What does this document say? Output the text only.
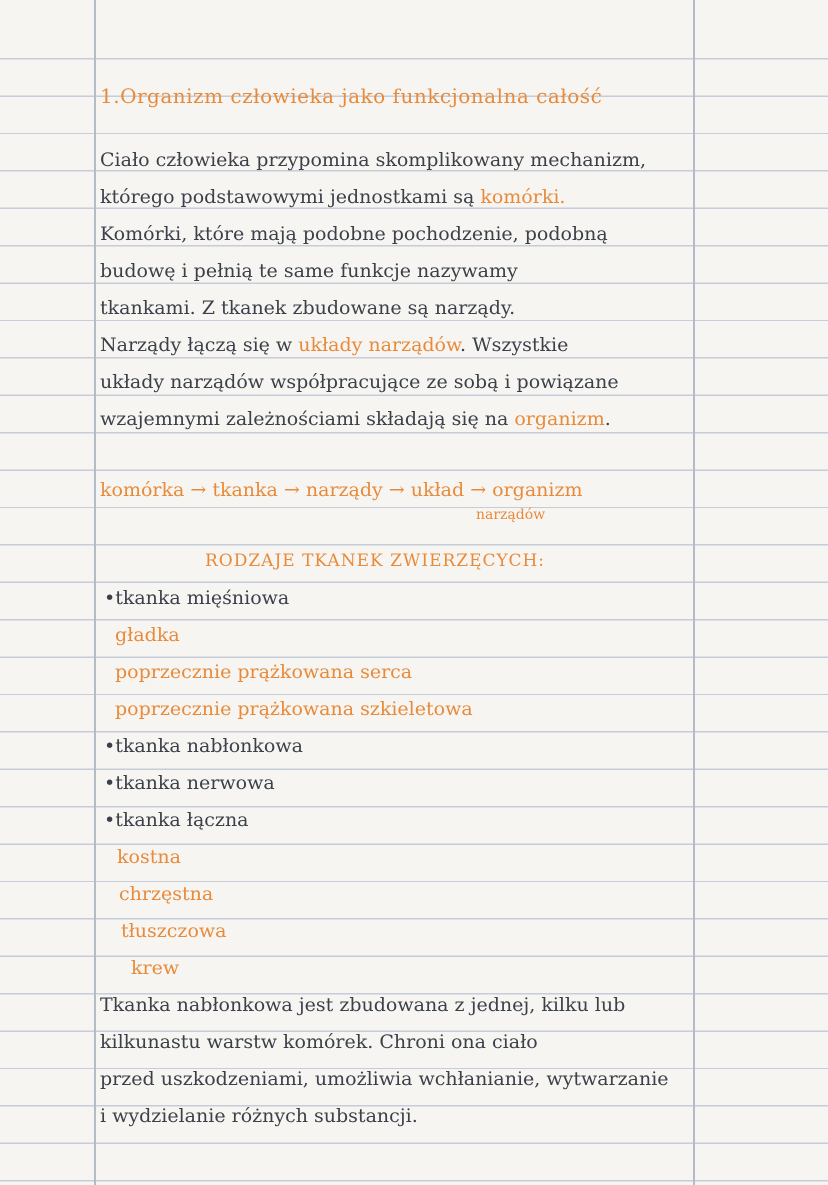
1.Organizm człowieka jako funkcjonalna całość
Ciało człowieka przypomina skomplikowany mechanizm,
którego podstawowymi jednostkami są komórki.
Komórki, które mają podobne pochodzenie, podobną
budowę i pełnią te same funkcje nazywamy
tkankami. Z tkanek zbudowane są narządy.
Narządy łączą się w układy narządów. Wszystkie
układy narządów współpracujące ze sobą i powiązane
wzajemnymi zależnościami składają się na organizm.
komórka → tkanka → narządy → układ → organizm
narządów
RODZAJE TKANEK ZWIERZĘCYCH:
•tkanka mięśniowa
gładka
poprzecznie prążkowana serca
poprzecznie prążkowana szkieletowa
•tkanka nabłonkowa
•tkanka nerwowa
•tkanka łączna
kostna
chrzęstna
tłuszczowa
krew
Tkanka nabłonkowa jest zbudowana z jednej, kilku lub
kilkunastu warstw komórek. Chroni ona ciało
przed uszkodzeniami, umożliwia wchłanianie, wytwarzanie
i wydzielanie różnych substancji.
